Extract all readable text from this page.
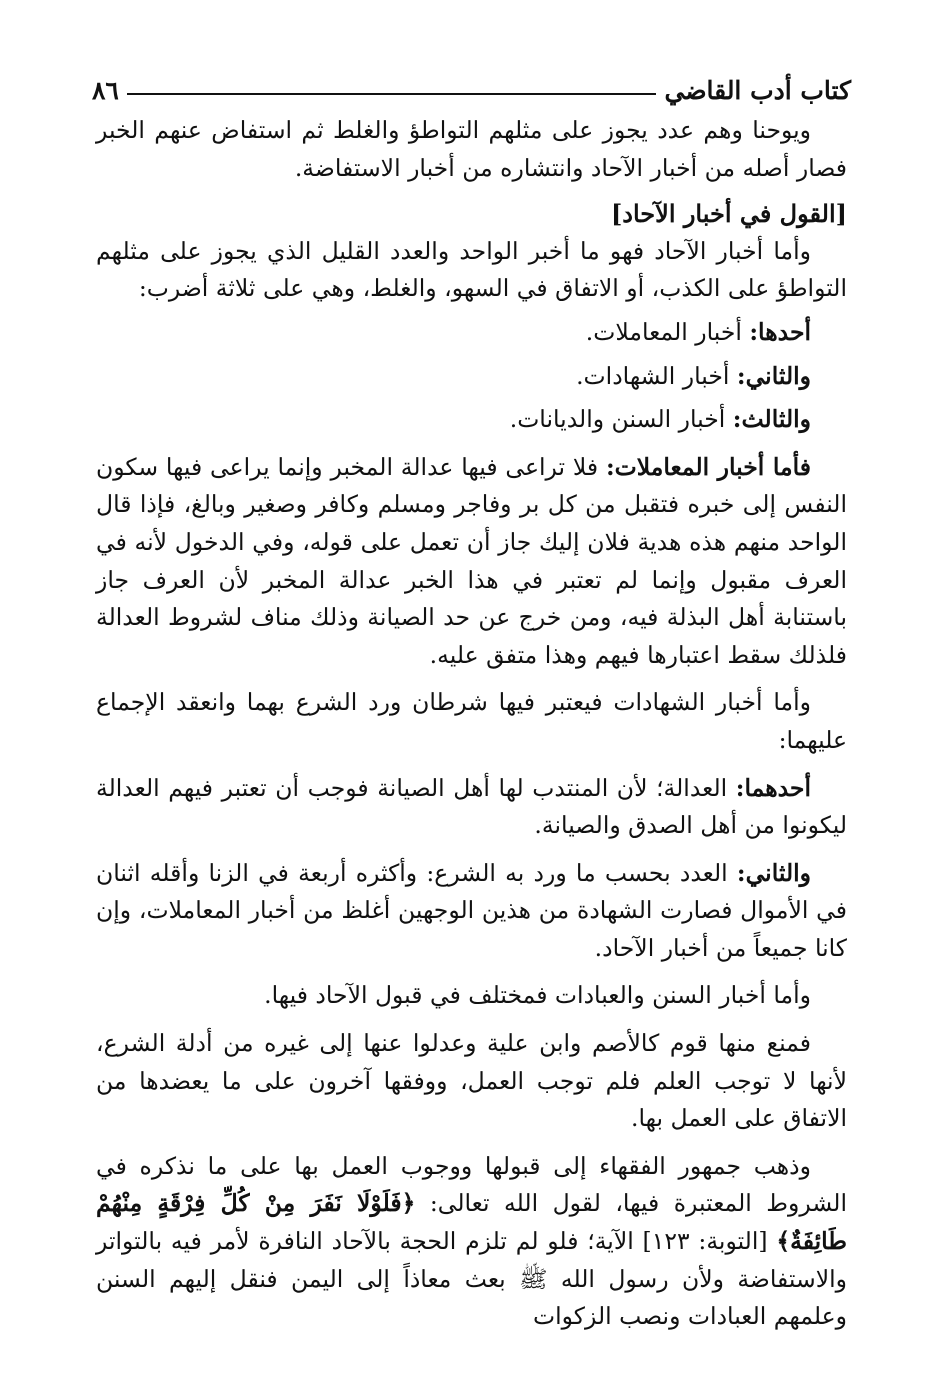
كتاب أدب القاضي
٨٦

ويوحنا وهم عدد يجوز على مثلهم التواطؤ والغلط ثم استفاض عنهم الخبر فصار أصله من أخبار الآحاد وانتشاره من أخبار الاستفاضة.

[القول في أخبار الآحاد]

وأما أخبار الآحاد فهو ما أخبر الواحد والعدد القليل الذي يجوز على مثلهم التواطؤ على الكذب، أو الاتفاق في السهو، والغلط، وهي على ثلاثة أضرب:

أحدها: أخبار المعاملات.

والثاني: أخبار الشهادات.

والثالث: أخبار السنن والديانات.

فأما أخبار المعاملات: فلا تراعى فيها عدالة المخبر وإنما يراعى فيها سكون النفس إلى خبره فتقبل من كل بر وفاجر ومسلم وكافر وصغير وبالغ، فإذا قال الواحد منهم هذه هدية فلان إليك جاز أن تعمل على قوله، وفي الدخول لأنه في العرف مقبول وإنما لم تعتبر في هذا الخبر عدالة المخبر لأن العرف جاز باستنابة أهل البذلة فيه، ومن خرج عن حد الصيانة وذلك مناف لشروط العدالة فلذلك سقط اعتبارها فيهم وهذا متفق عليه.

وأما أخبار الشهادات فيعتبر فيها شرطان ورد الشرع بهما وانعقد الإجماع عليهما:

أحدهما: العدالة؛ لأن المنتدب لها أهل الصيانة فوجب أن تعتبر فيهم العدالة ليكونوا من أهل الصدق والصيانة.

والثاني: العدد بحسب ما ورد به الشرع: وأكثره أربعة في الزنا وأقله اثنان في الأموال فصارت الشهادة من هذين الوجهين أغلظ من أخبار المعاملات، وإن كانا جميعاً من أخبار الآحاد.

وأما أخبار السنن والعبادات فمختلف في قبول الآحاد فيها.

فمنع منها قوم كالأصم وابن علية وعدلوا عنها إلى غيره من أدلة الشرع، لأنها لا توجب العلم فلم توجب العمل، ووفقها آخرون على ما يعضدها من الاتفاق على العمل بها.

وذهب جمهور الفقهاء إلى قبولها ووجوب العمل بها على ما نذكره في الشروط المعتبرة فيها، لقول الله تعالى: ﴿فَلَوْلَا نَفَرَ مِنْ كُلِّ فِرْقَةٍ مِنْهُمْ طَائِفَةٌ﴾ [التوبة: ١٢٣] الآية؛ فلو لم تلزم الحجة بالآحاد النافرة لأمر فيه بالتواتر والاستفاضة ولأن رسول الله ﷺ بعث معاذاً إلى اليمن فنقل إليهم السنن وعلمهم العبادات ونصب الزكوات
